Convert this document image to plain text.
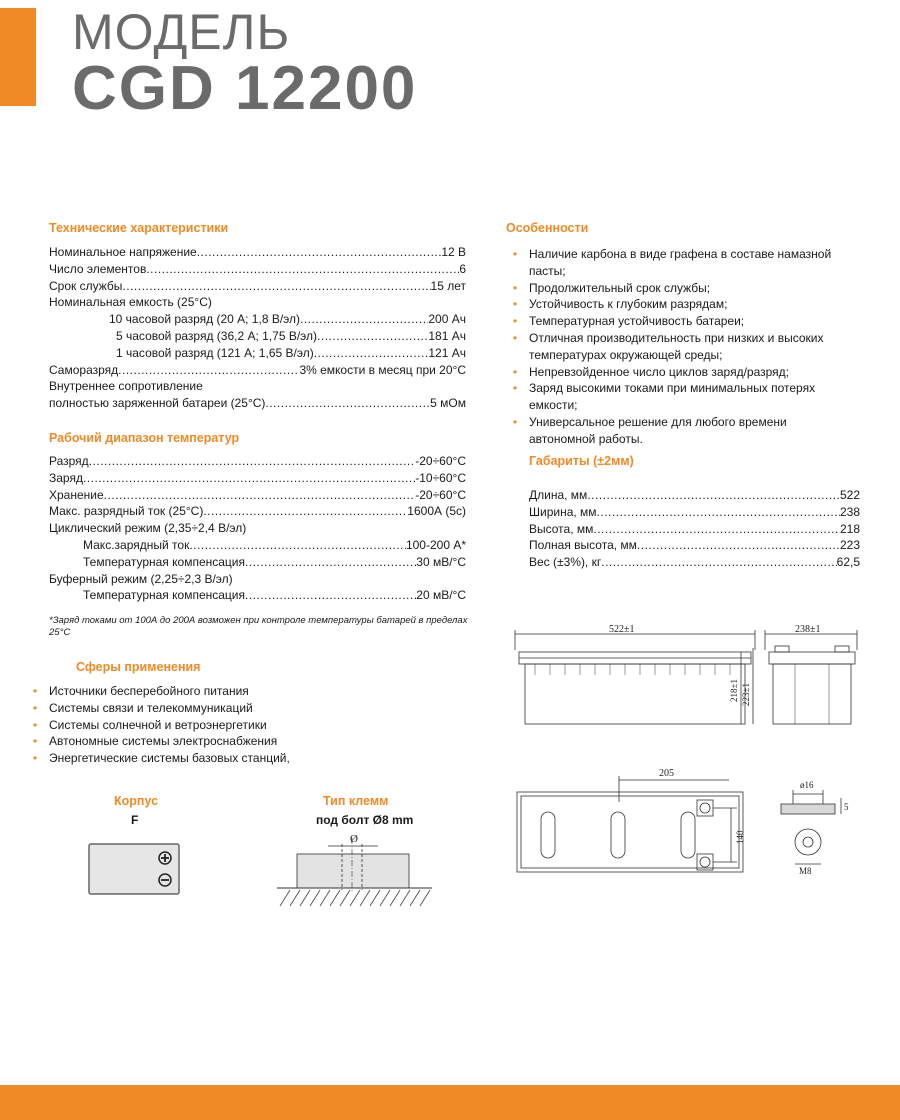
МОДЕЛЬ
CGD 12200
Технические характеристики
Номинальное напряжение .....	12 В
Число элементов .....	6
Срок службы .....	15 лет
Номинальная емкость (25°C)
10 часовой разряд (20 А; 1,8 В/эл) .....	200 Ач
5 часовой разряд (36,2 А; 1,75 В/эл) .....	181 Ач
1 часовой разряд (121 А; 1,65 В/эл) .....	121 Ач
Саморазряд .....	3% емкости в месяц при 20°С
Внутреннее сопротивление
полностью заряженной батареи (25°С) .....	5 мОм
Рабочий диапазон температур
Разряд .....	-20÷60°С
Заряд .....	-10÷60°С
Хранение .....	-20÷60°С
Макс. разрядный ток (25°С) .....	1600А (5с)
Циклический режим (2,35÷2,4 В/эл)
Макс.зарядный ток .....	100-200 А*
Температурная компенсация .....	30 мВ/°С
Буферный режим (2,25÷2,3 В/эл)
Температурная компенсация .....	20 мВ/°С
*Заряд токами от 100А до 200А возможен при контроле температуры батарей в пределах 25°С
Сферы применения
• Источники бесперебойного питания
• Системы связи и телекоммуникаций
• Системы солнечной и ветроэнергетики
• Автономные системы электроснабжения
• Энергетические системы базовых станций,
Корпус
F
Тип клемм
под болт Ø8 mm
Ø
Особенности
• Наличие карбона в виде графена в составе намазной пасты;
• Продолжительный срок службы;
• Устойчивость к глубоким разрядам;
• Температурная устойчивость батареи;
• Отличная производительность при низких и высоких температурах окружающей среды;
• Непревзойденное число циклов заряд/разряд;
• Заряд высокими токами при минимальных потерях емкости;
• Универсальное решение для любого времени автономной работы.
Габариты (±2мм)
Длина, мм .....	522
Ширина, мм .....	238
Высота, мм .....	218
Полная высота, мм .....	223
Вес (±3%), кг .....	62,5
522±1
218±1 223±1
238±1
205
140
ø16
5
M8
